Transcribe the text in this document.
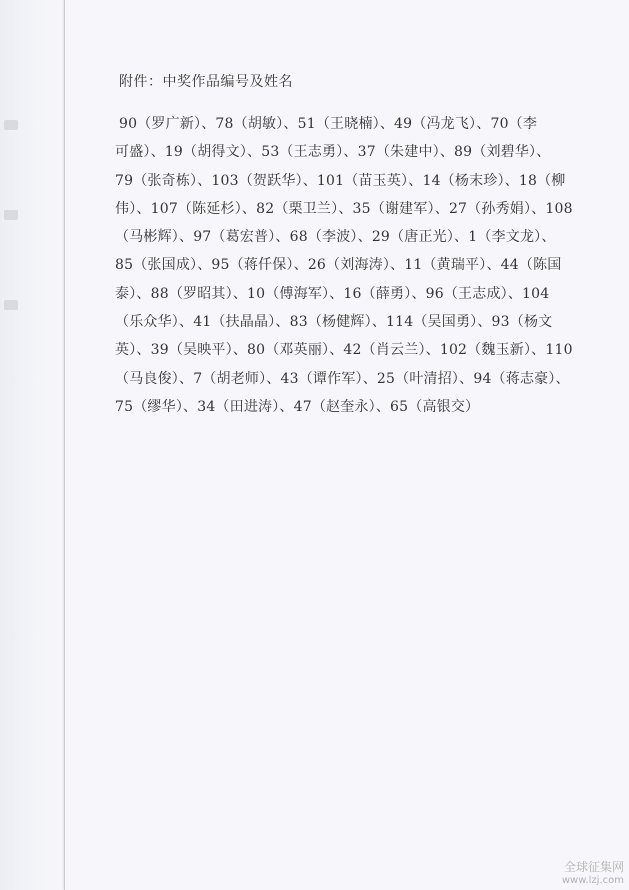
附件：中奖作品编号及姓名
90（罗广新）、78（胡敏）、51（王晓楠）、49（冯龙飞）、70（李
可盛）、19（胡得文）、53（王志勇）、37（朱建中）、89（刘碧华）、
79（张奇栋）、103（贺跃华）、101（苗玉英）、14（杨末珍）、18（柳
伟）、107（陈延杉）、82（栗卫兰）、35（谢建军）、27（孙秀娟）、108
（马彬辉）、97（葛宏普）、68（李波）、29（唐正光）、1（李文龙）、
85（张国成）、95（蒋仟保）、26（刘海涛）、11（黄瑞平）、44（陈国
泰）、88（罗昭其）、10（傅海军）、16（薛勇）、96（王志成）、104
（乐众华）、41（扶晶晶）、83（杨健辉）、114（吴国勇）、93（杨文
英）、39（吴映平）、80（邓英丽）、42（肖云兰）、102（魏玉新）、110
（马良俊）、7（胡老师）、43（谭作军）、25（叶清招）、94（蒋志豪）、
75（缪华）、34（田进涛）、47（赵奎永）、65（高银交）
全球征集网
www.lzj.com
